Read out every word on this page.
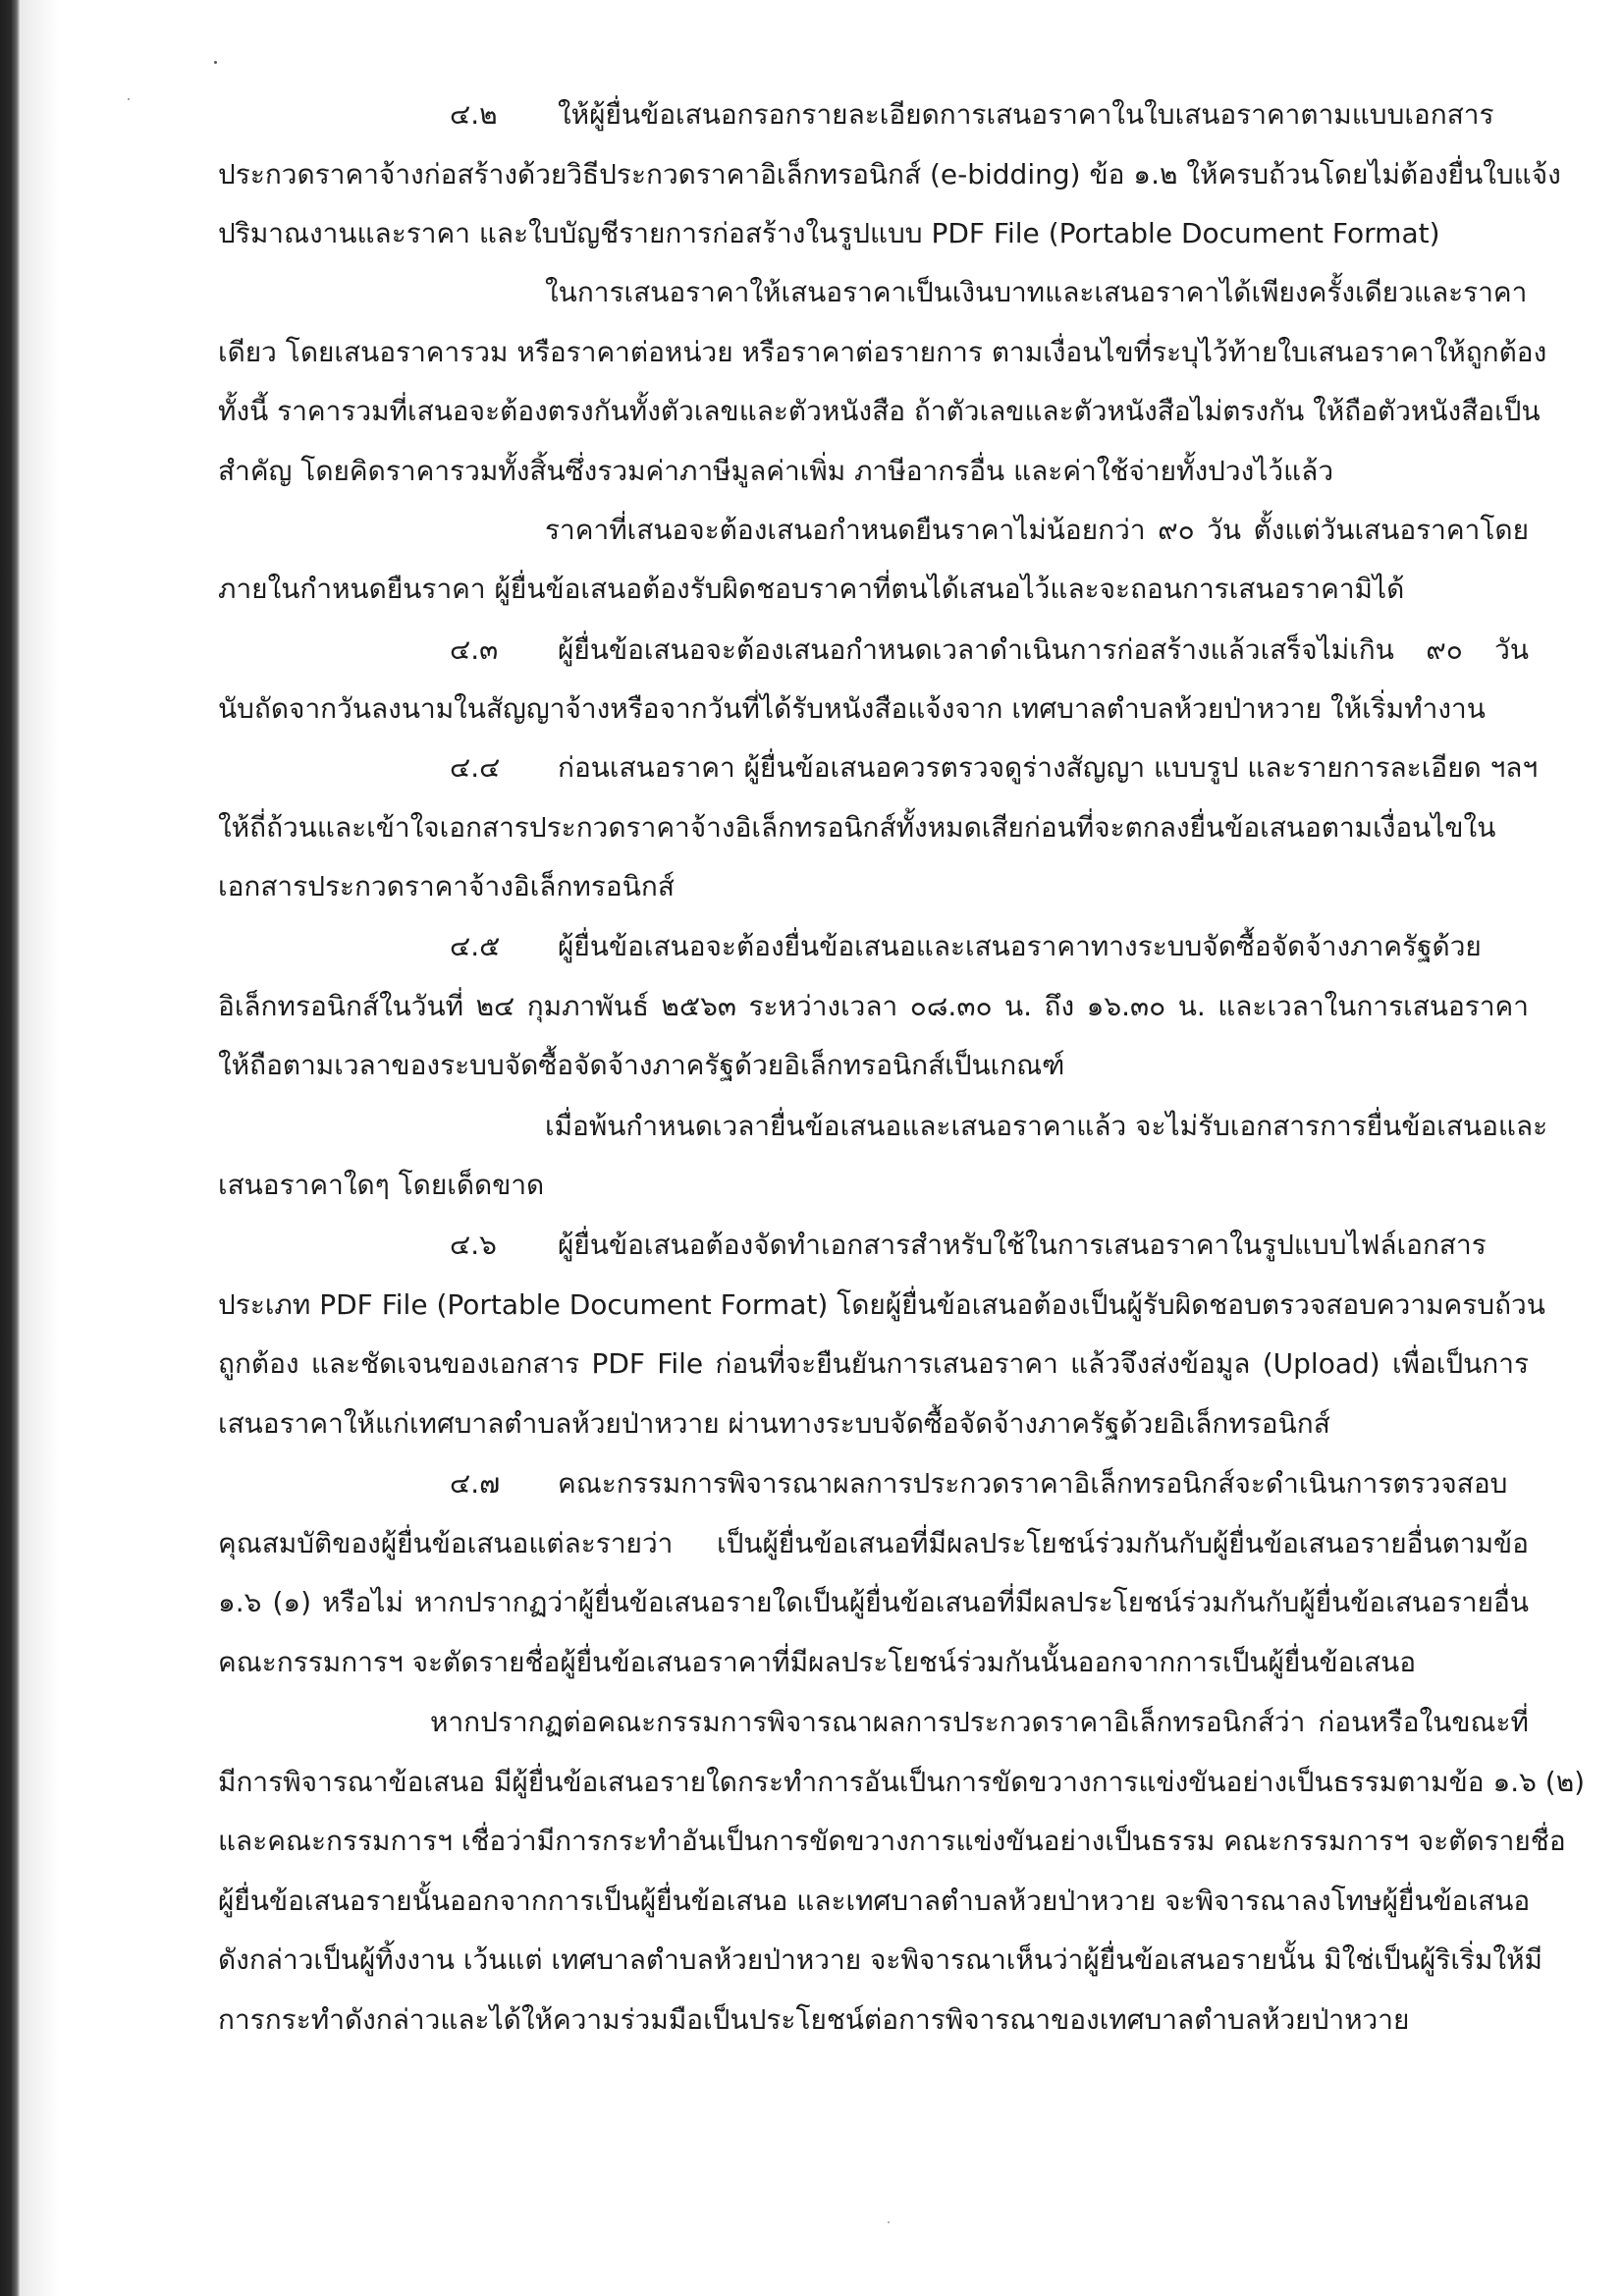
๔.๒ ให้ผู้ยื่นข้อเสนอกรอกรายละเอียดการเสนอราคาในใบเสนอราคาตามแบบเอกสาร
ประกวดราคาจ้างก่อสร้างด้วยวิธีประกวดราคาอิเล็กทรอนิกส์ (e-bidding) ข้อ ๑.๒ ให้ครบถ้วนโดยไม่ต้องยื่นใบแจ้ง
ปริมาณงานและราคา และใบบัญชีรายการก่อสร้างในรูปแบบ PDF File (Portable Document Format)
ในการเสนอราคาให้เสนอราคาเป็นเงินบาทและเสนอราคาได้เพียงครั้งเดียวและราคา
เดียว โดยเสนอราคารวม หรือราคาต่อหน่วย หรือราคาต่อรายการ ตามเงื่อนไขที่ระบุไว้ท้ายใบเสนอราคาให้ถูกต้อง
ทั้งนี้ ราคารวมที่เสนอจะต้องตรงกันทั้งตัวเลขและตัวหนังสือ ถ้าตัวเลขและตัวหนังสือไม่ตรงกัน ให้ถือตัวหนังสือเป็น
สำคัญ โดยคิดราคารวมทั้งสิ้นซึ่งรวมค่าภาษีมูลค่าเพิ่ม ภาษีอากรอื่น และค่าใช้จ่ายทั้งปวงไว้แล้ว
ราคาที่เสนอจะต้องเสนอกำหนดยืนราคาไม่น้อยกว่า ๙๐ วัน ตั้งแต่วันเสนอราคาโดย
ภายในกำหนดยืนราคา ผู้ยื่นข้อเสนอต้องรับผิดชอบราคาที่ตนได้เสนอไว้และจะถอนการเสนอราคามิได้
๔.๓ ผู้ยื่นข้อเสนอจะต้องเสนอกำหนดเวลาดำเนินการก่อสร้างแล้วเสร็จไม่เกิน ๙๐ วัน
นับถัดจากวันลงนามในสัญญาจ้างหรือจากวันที่ได้รับหนังสือแจ้งจาก เทศบาลตำบลห้วยป่าหวาย ให้เริ่มทำงาน
๔.๔ ก่อนเสนอราคา ผู้ยื่นข้อเสนอควรตรวจดูร่างสัญญา แบบรูป และรายการละเอียด ฯลฯ
ให้ถี่ถ้วนและเข้าใจเอกสารประกวดราคาจ้างอิเล็กทรอนิกส์ทั้งหมดเสียก่อนที่จะตกลงยื่นข้อเสนอตามเงื่อนไขใน
เอกสารประกวดราคาจ้างอิเล็กทรอนิกส์
๔.๕ ผู้ยื่นข้อเสนอจะต้องยื่นข้อเสนอและเสนอราคาทางระบบจัดซื้อจัดจ้างภาครัฐด้วย
อิเล็กทรอนิกส์ในวันที่ ๒๔ กุมภาพันธ์ ๒๕๖๓ ระหว่างเวลา ๐๘.๓๐ น. ถึง ๑๖.๓๐ น. และเวลาในการเสนอราคา
ให้ถือตามเวลาของระบบจัดซื้อจัดจ้างภาครัฐด้วยอิเล็กทรอนิกส์เป็นเกณฑ์
เมื่อพ้นกำหนดเวลายื่นข้อเสนอและเสนอราคาแล้ว จะไม่รับเอกสารการยื่นข้อเสนอและ
เสนอราคาใดๆ โดยเด็ดขาด
๔.๖ ผู้ยื่นข้อเสนอต้องจัดทำเอกสารสำหรับใช้ในการเสนอราคาในรูปแบบไฟล์เอกสาร
ประเภท PDF File (Portable Document Format) โดยผู้ยื่นข้อเสนอต้องเป็นผู้รับผิดชอบตรวจสอบความครบถ้วน
ถูกต้อง และชัดเจนของเอกสาร PDF File ก่อนที่จะยืนยันการเสนอราคา แล้วจึงส่งข้อมูล (Upload) เพื่อเป็นการ
เสนอราคาให้แก่เทศบาลตำบลห้วยป่าหวาย ผ่านทางระบบจัดซื้อจัดจ้างภาครัฐด้วยอิเล็กทรอนิกส์
๔.๗ คณะกรรมการพิจารณาผลการประกวดราคาอิเล็กทรอนิกส์จะดำเนินการตรวจสอบ
คุณสมบัติของผู้ยื่นข้อเสนอแต่ละรายว่า เป็นผู้ยื่นข้อเสนอที่มีผลประโยชน์ร่วมกันกับผู้ยื่นข้อเสนอรายอื่นตามข้อ
๑.๖ (๑) หรือไม่ หากปรากฏว่าผู้ยื่นข้อเสนอรายใดเป็นผู้ยื่นข้อเสนอที่มีผลประโยชน์ร่วมกันกับผู้ยื่นข้อเสนอรายอื่น
คณะกรรมการฯ จะตัดรายชื่อผู้ยื่นข้อเสนอราคาที่มีผลประโยชน์ร่วมกันนั้นออกจากการเป็นผู้ยื่นข้อเสนอ
หากปรากฏต่อคณะกรรมการพิจารณาผลการประกวดราคาอิเล็กทรอนิกส์ว่า ก่อนหรือในขณะที่
มีการพิจารณาข้อเสนอ มีผู้ยื่นข้อเสนอรายใดกระทำการอันเป็นการขัดขวางการแข่งขันอย่างเป็นธรรมตามข้อ ๑.๖ (๒)
และคณะกรรมการฯ เชื่อว่ามีการกระทำอันเป็นการขัดขวางการแข่งขันอย่างเป็นธรรม คณะกรรมการฯ จะตัดรายชื่อ
ผู้ยื่นข้อเสนอรายนั้นออกจากการเป็นผู้ยื่นข้อเสนอ และเทศบาลตำบลห้วยป่าหวาย จะพิจารณาลงโทษผู้ยื่นข้อเสนอ
ดังกล่าวเป็นผู้ทิ้งงาน เว้นแต่ เทศบาลตำบลห้วยป่าหวาย จะพิจารณาเห็นว่าผู้ยื่นข้อเสนอรายนั้น มิใช่เป็นผู้ริเริ่มให้มี
การกระทำดังกล่าวและได้ให้ความร่วมมือเป็นประโยชน์ต่อการพิจารณาของเทศบาลตำบลห้วยป่าหวาย
